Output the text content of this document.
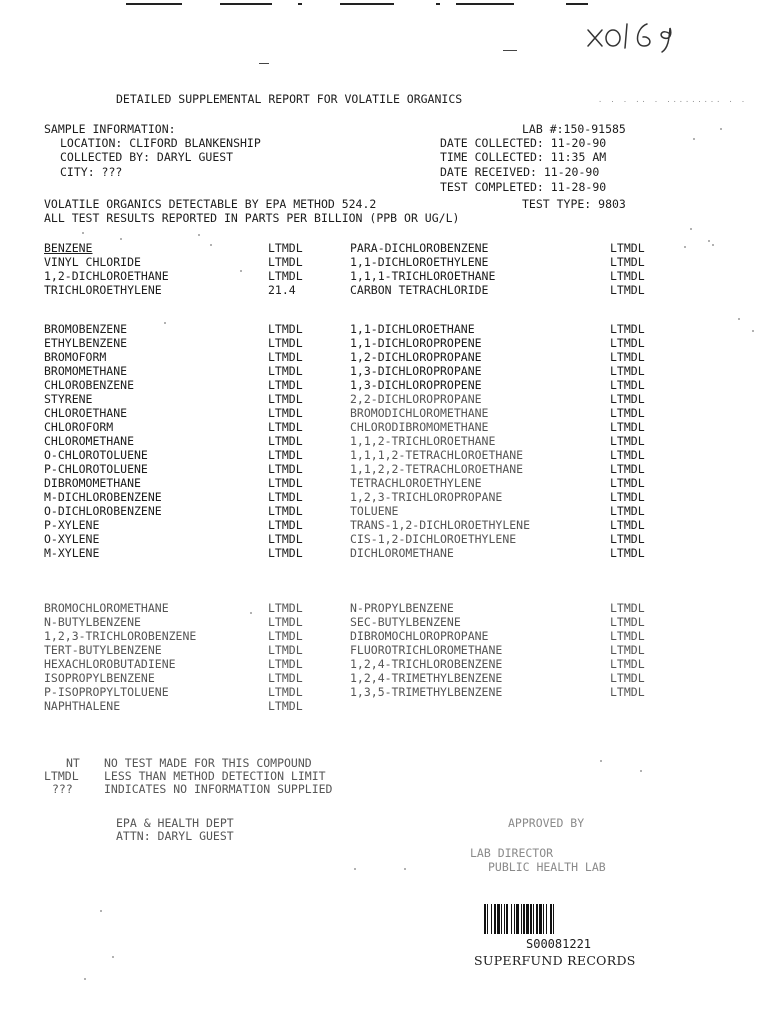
DETAILED SUPPLEMENTAL REPORT FOR VOLATILE ORGANICS	. . . .. . ......... . .
SAMPLE INFORMATION:
LOCATION: CLIFORD BLANKENSHIP
COLLECTED BY: DARYL GUEST
CITY: ???
LAB #:150-91585
DATE COLLECTED: 11-20-90
TIME COLLECTED: 11:35 AM
DATE RECEIVED: 11-20-90
TEST COMPLETED: 11-28-90
VOLATILE ORGANICS DETECTABLE BY EPA METHOD 524.2	TEST TYPE: 9803
ALL TEST RESULTS REPORTED IN PARTS PER BILLION (PPB OR UG/L)
BENZENE	LTMDL	PARA-DICHLOROBENZENE	LTMDL
VINYL CHLORIDE	LTMDL	1,1-DICHLOROETHYLENE	LTMDL
1,2-DICHLOROETHANE	LTMDL	1,1,1-TRICHLOROETHANE	LTMDL
TRICHLOROETHYLENE	21.4	CARBON TETRACHLORIDE	LTMDL
BROMOBENZENE	LTMDL	1,1-DICHLOROETHANE	LTMDL
ETHYLBENZENE	LTMDL	1,1-DICHLOROPROPENE	LTMDL
BROMOFORM	LTMDL	1,2-DICHLOROPROPANE	LTMDL
BROMOMETHANE	LTMDL	1,3-DICHLOROPROPANE	LTMDL
CHLOROBENZENE	LTMDL	1,3-DICHLOROPROPENE	LTMDL
STYRENE	LTMDL	2,2-DICHLOROPROPANE	LTMDL
CHLOROETHANE	LTMDL	BROMODICHLOROMETHANE	LTMDL
CHLOROFORM	LTMDL	CHLORODIBROMOMETHANE	LTMDL
CHLOROMETHANE	LTMDL	1,1,2-TRICHLOROETHANE	LTMDL
O-CHLOROTOLUENE	LTMDL	1,1,1,2-TETRACHLOROETHANE	LTMDL
P-CHLOROTOLUENE	LTMDL	1,1,2,2-TETRACHLOROETHANE	LTMDL
DIBROMOMETHANE	LTMDL	TETRACHLOROETHYLENE	LTMDL
M-DICHLOROBENZENE	LTMDL	1,2,3-TRICHLOROPROPANE	LTMDL
O-DICHLOROBENZENE	LTMDL	TOLUENE	LTMDL
P-XYLENE	LTMDL	TRANS-1,2-DICHLOROETHYLENE	LTMDL
O-XYLENE	LTMDL	CIS-1,2-DICHLOROETHYLENE	LTMDL
M-XYLENE	LTMDL	DICHLOROMETHANE	LTMDL
BROMOCHLOROMETHANE	LTMDL	N-PROPYLBENZENE	LTMDL
N-BUTYLBENZENE	LTMDL	SEC-BUTYLBENZENE	LTMDL
1,2,3-TRICHLOROBENZENE	LTMDL	DIBROMOCHLOROPROPANE	LTMDL
TERT-BUTYLBENZENE	LTMDL	FLUOROTRICHLOROMETHANE	LTMDL
HEXACHLOROBUTADIENE	LTMDL	1,2,4-TRICHLOROBENZENE	LTMDL
ISOPROPYLBENZENE	LTMDL	1,2,4-TRIMETHYLBENZENE	LTMDL
P-ISOPROPYLTOLUENE	LTMDL	1,3,5-TRIMETHYLBENZENE	LTMDL
NAPHTHALENE	LTMDL
NT NO TEST MADE FOR THIS COMPOUND
LTMDL LESS THAN METHOD DETECTION LIMIT
???	INDICATES NO INFORMATION SUPPLIED
EPA & HEALTH DEPT
ATTN: DARYL GUEST
APPROVED BY
LAB DIRECTOR
PUBLIC HEALTH LAB
S00081221
SUPERFUND RECORDS
